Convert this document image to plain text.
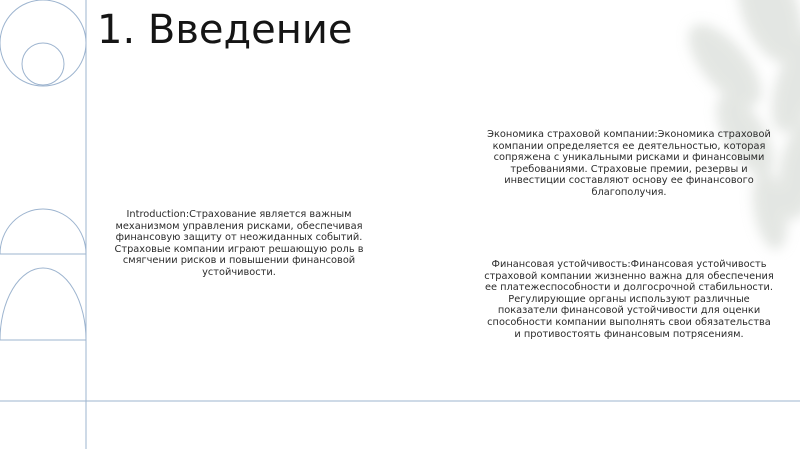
1. Введение

Introduction:Страхование является важным механизмом управления рисками, обеспечивая финансовую защиту от неожиданных событий. Страховые компании играют решающую роль в смягчении рисков и повышении финансовой устойчивости.

Экономика страховой компании:Экономика страховой компании определяется ее деятельностью, которая сопряжена с уникальными рисками и финансовыми требованиями. Страховые премии, резервы и инвестиции составляют основу ее финансового благополучия.

Финансовая устойчивость:Финансовая устойчивость страховой компании жизненно важна для обеспечения ее платежеспособности и долгосрочной стабильности. Регулирующие органы используют различные показатели финансовой устойчивости для оценки способности компании выполнять свои обязательства и противостоять финансовым потрясениям.
